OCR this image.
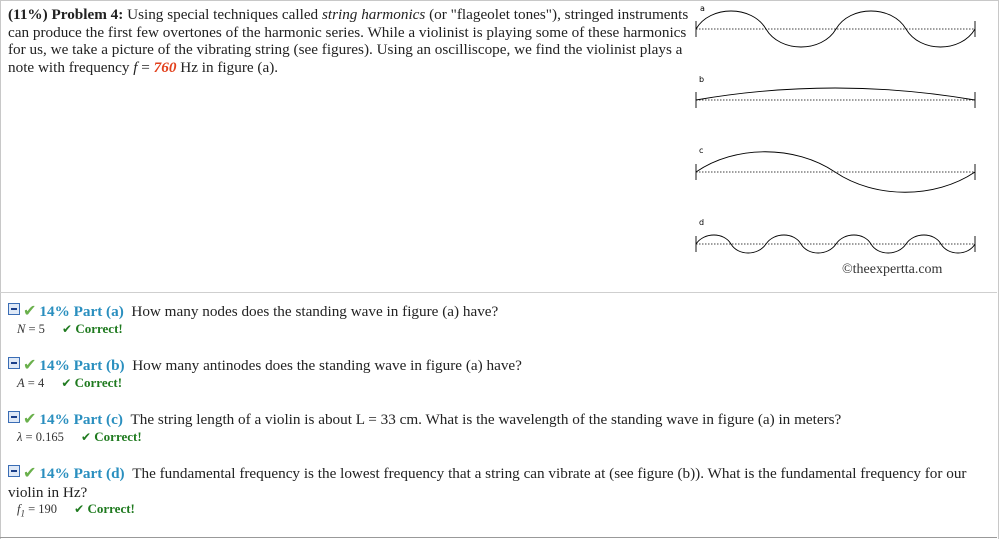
(11%) Problem 4: Using special techniques called string harmonics (or "flageolet tones"), stringed instruments can produce the first few overtones of the harmonic series. While a violinist is playing some of these harmonics for us, we take a picture of the vibrating string (see figures). Using an oscilliscope, we find the violinist plays a note with frequency f = 760 Hz in figure (a).
a
b
c
d
©theexpertta.com
✔ 14% Part (a) How many nodes does the standing wave in figure (a) have?
N = 5 ✔ Correct!
✔ 14% Part (b) How many antinodes does the standing wave in figure (a) have?
A = 4 ✔ Correct!
✔ 14% Part (c) The string length of a violin is about L = 33 cm. What is the wavelength of the standing wave in figure (a) in meters?
λ = 0.165 ✔ Correct!
✔ 14% Part (d) The fundamental frequency is the lowest frequency that a string can vibrate at (see figure (b)). What is the fundamental frequency for our violin in Hz?
$f_1 = 190$ ✔ Correct!
